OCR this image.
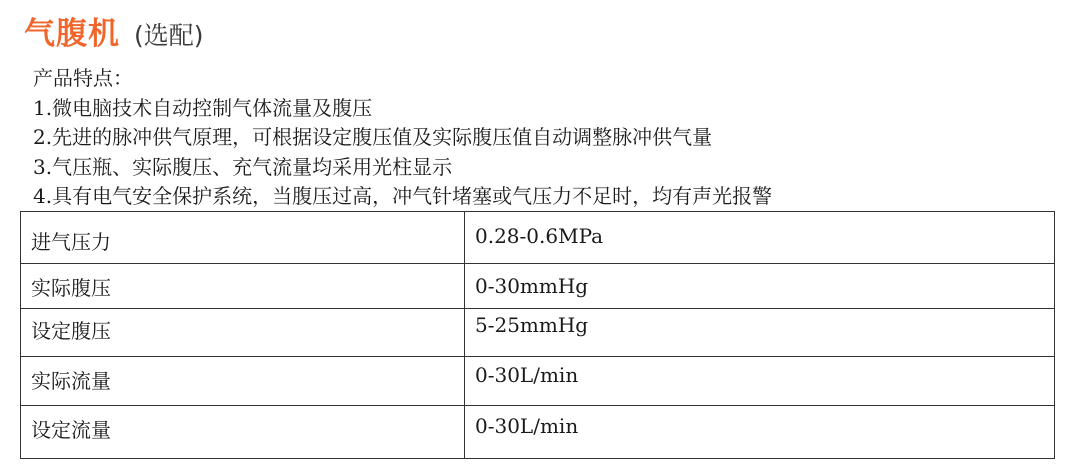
气腹机 (选配)
产品特点：
1.微电脑技术自动控制气体流量及腹压
2.先进的脉冲供气原理，可根据设定腹压值及实际腹压值自动调整脉冲供气量
3.气压瓶、实际腹压、充气流量均采用光柱显示
4.具有电气安全保护系统，当腹压过高，冲气针堵塞或气压力不足时，均有声光报警
进气压力	0.28-0.6MPa
实际腹压	0-30mmHg
设定腹压	5-25mmHg
实际流量	0-30L/min
设定流量	0-30L/min
